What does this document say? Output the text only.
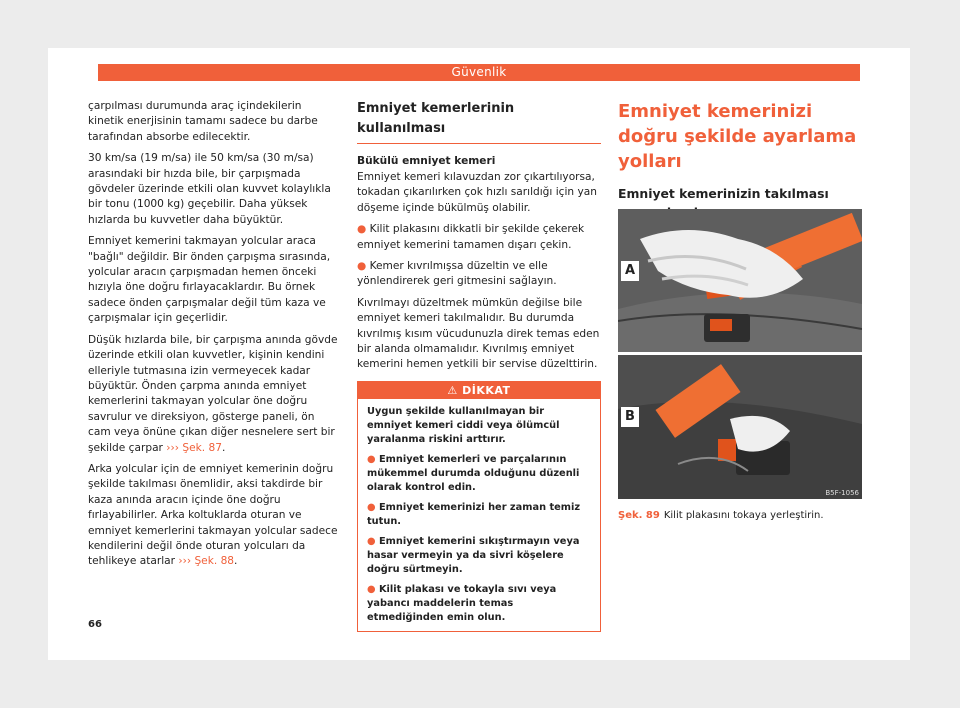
Güvenlik

çarpılması durumunda araç içindekilerin kinetik enerjisinin tamamı sadece bu darbe tarafından absorbe edilecektir.

30 km/sa (19 m/sa) ile 50 km/sa (30 m/sa) arasındaki bir hızda bile, bir çarpışmada gövdeler üzerinde etkili olan kuvvet kolaylıkla bir tonu (1000 kg) geçebilir. Daha yüksek hızlarda bu kuvvetler daha büyüktür.

Emniyet kemerini takmayan yolcular araca "bağlı" değildir. Bir önden çarpışma sırasında, yolcular aracın çarpışmadan hemen önceki hızıyla öne doğru fırlayacaklardır. Bu örnek sadece önden çarpışmalar değil tüm kaza ve çarpışmalar için geçerlidir.

Düşük hızlarda bile, bir çarpışma anında gövde üzerinde etkili olan kuvvetler, kişinin kendini elleriyle tutmasına izin vermeyecek kadar büyüktür. Önden çarpma anında emniyet kemerlerini takmayan yolcular öne doğru savrulur ve direksiyon, gösterge paneli, ön cam veya önüne çıkan diğer nesnelere sert bir şekilde çarpar ››› Şek. 87.

Arka yolcular için de emniyet kemerinin doğru şekilde takılması önemlidir, aksi takdirde bir kaza anında aracın içinde öne doğru fırlayabilirler. Arka koltuklarda oturan ve emniyet kemerlerini takmayan yolcular sadece kendilerini değil önde oturan yolcuları da tehlikeye atarlar ››› Şek. 88.

Emniyet kemerlerinin kullanılması
Bükülü emniyet kemeri

Emniyet kemeri kılavuzdan zor çıkartılıyorsa, tokadan çıkarılırken çok hızlı sarıldığı için yan döşeme içinde bükülmüş olabilir.

● Kilit plakasını dikkatli bir şekilde çekerek emniyet kemerini tamamen dışarı çekin.

● Kemer kıvrılmışsa düzeltin ve elle yönlendirerek geri gitmesini sağlayın.

Kıvrılmayı düzeltmek mümkün değilse bile emniyet kemeri takılmalıdır. Bu durumda kıvrılmış kısım vücudunuzla direk temas eden bir alanda olmamalıdır. Kıvrılmış emniyet kemerini hemen yetkili bir servise düzelttirin.

⚠ DİKKAT

Uygun şekilde kullanılmayan bir emniyet kemeri ciddi veya ölümcül yaralanma riskini arttırır.

● Emniyet kemerleri ve parçalarının mükemmel durumda olduğunu düzenli olarak kontrol edin.

● Emniyet kemerinizi her zaman temiz tutun.

● Emniyet kemerini sıkıştırmayın veya hasar vermeyin ya da sivri köşelere doğru sürtmeyin.

● Kilit plakası ve tokayla sıvı veya yabancı maddelerin temas etmediğinden emin olun.

Emniyet kemerinizi doğru şekilde ayarlama yolları
Emniyet kemerinizin takılması
A
B
B5F-1056
Şek. 89 Kilit plakasını tokaya yerleştirin.
66
